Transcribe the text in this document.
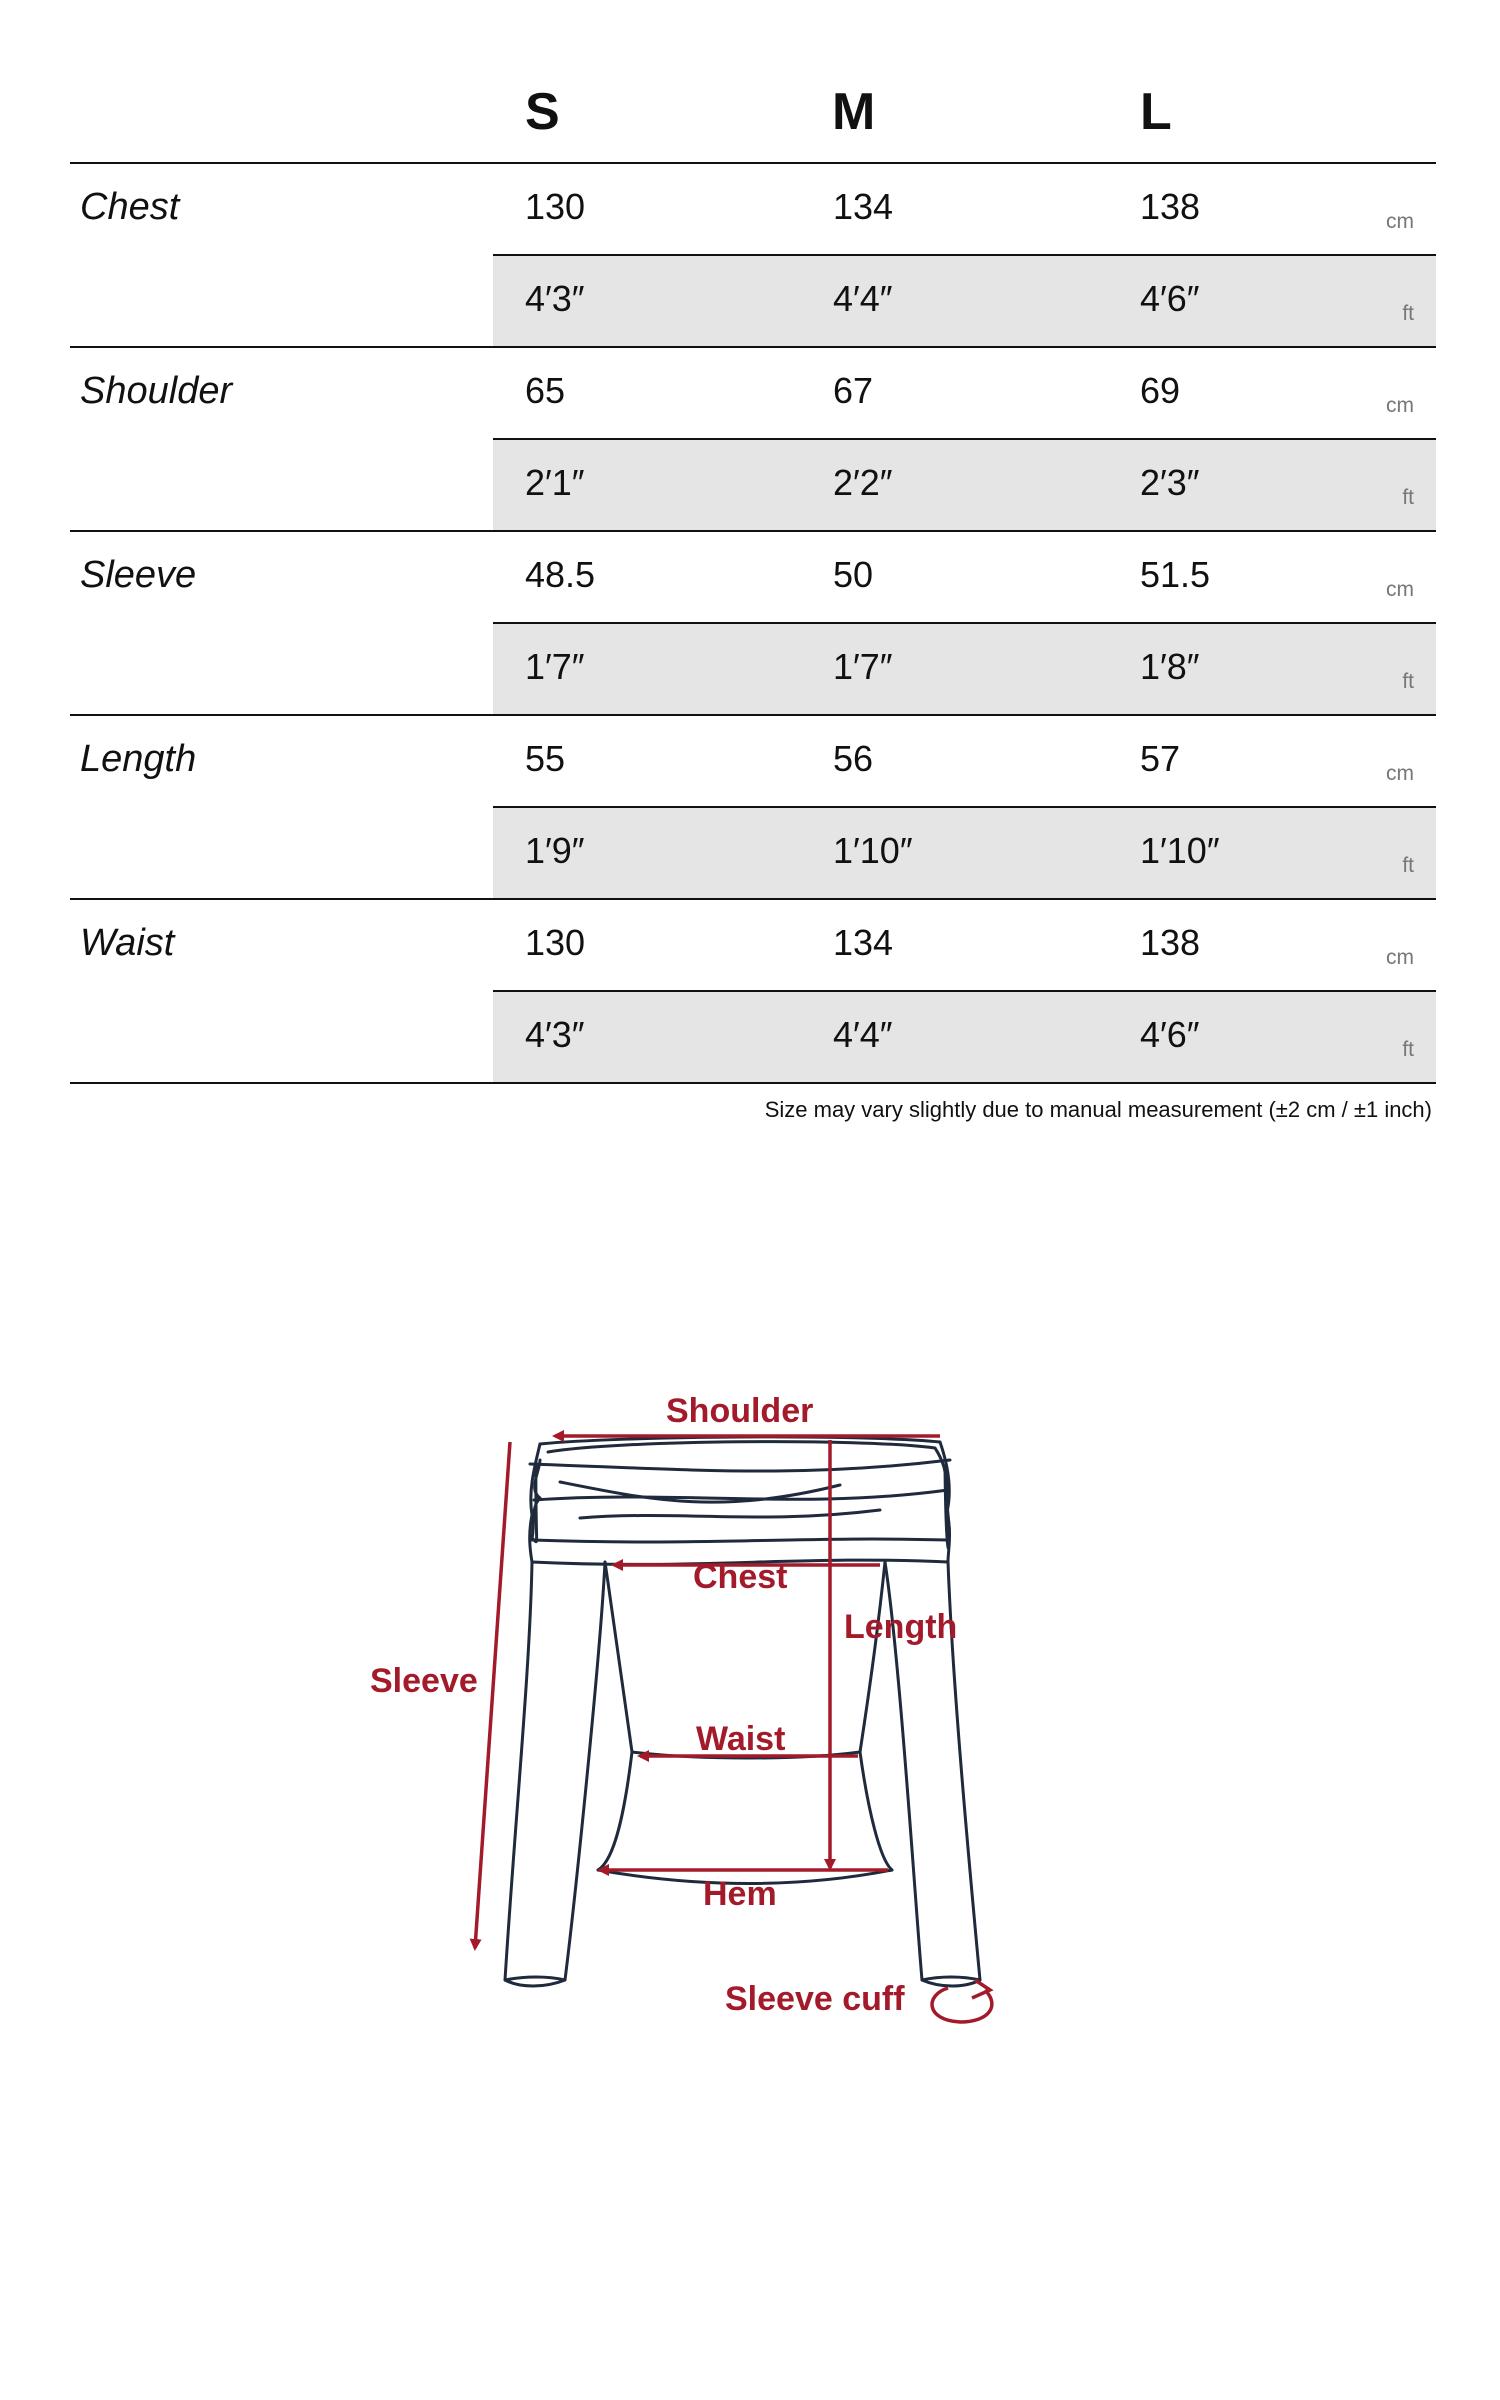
S	M	L
Chest	130	134	138	cm
4′3″	4′4″	4′6″	ft
Shoulder	65	67	69	cm
2′1″	2′2″	2′3″	ft
Sleeve	48.5	50	51.5	cm
1′7″	1′7″	1′8″	ft
Length	55	56	57	cm
1′9″	1′10″	1′10″	ft
Waist	130	134	138	cm
4′3″	4′4″	4′6″	ft
Size may vary slightly due to manual measurement (±2 cm / ±1 inch)
Shoulder
Chest
Length
Sleeve
Waist
Hem
Sleeve cuff
